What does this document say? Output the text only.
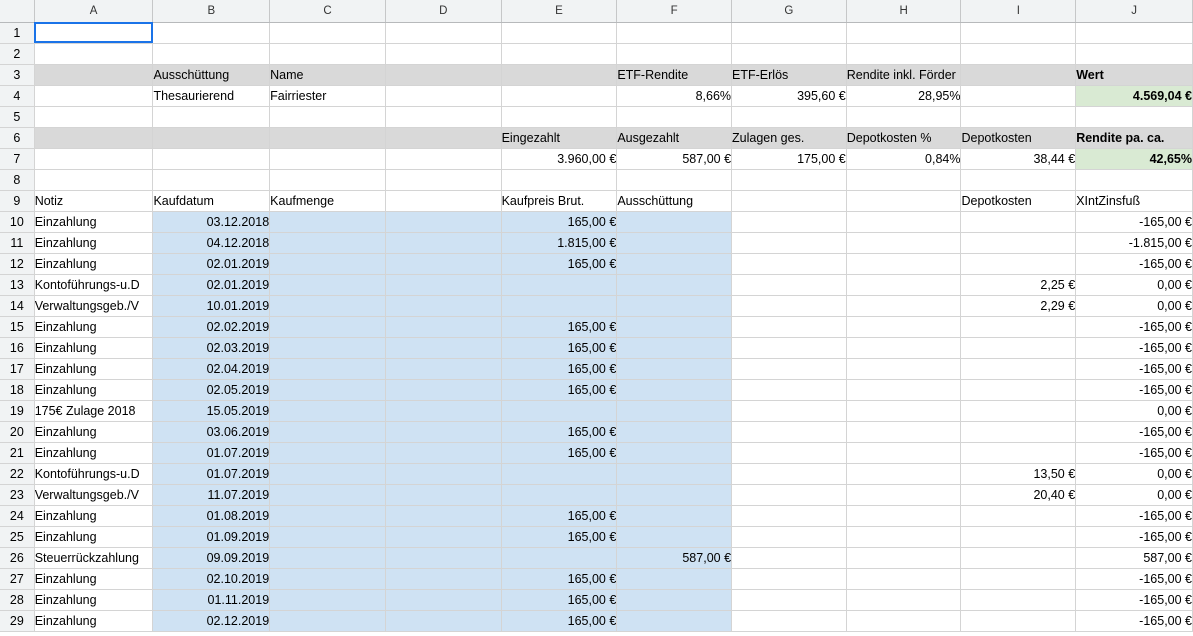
	A	B	C	D	E	F	G	H	I	J
1										
2										
3		Ausschüttung	Name			ETF-Rendite	ETF-Erlös	Rendite inkl. Förder		Wert
4		Thesaurierend	Fairriester			8,66%	395,60 €	28,95%		4.569,04 €
5										
6					Eingezahlt	Ausgezahlt	Zulagen ges.	Depotkosten %	Depotkosten	Rendite pa. ca.
7					3.960,00 €	587,00 €	175,00 €	0,84%	38,44 €	42,65%
8										
9	Notiz	Kaufdatum	Kaufmenge		Kaufpreis Brut.	Ausschüttung			Depotkosten	XIntZinsfuß
10	Einzahlung	03.12.2018			165,00 €					-165,00 €
11	Einzahlung	04.12.2018			1.815,00 €					-1.815,00 €
12	Einzahlung	02.01.2019			165,00 €					-165,00 €
13	Kontoführungs-u.D	02.01.2019							2,25 €	0,00 €
14	Verwaltungsgeb./V	10.01.2019							2,29 €	0,00 €
15	Einzahlung	02.02.2019			165,00 €					-165,00 €
16	Einzahlung	02.03.2019			165,00 €					-165,00 €
17	Einzahlung	02.04.2019			165,00 €					-165,00 €
18	Einzahlung	02.05.2019			165,00 €					-165,00 €
19	175€ Zulage 2018	15.05.2019								0,00 €
20	Einzahlung	03.06.2019			165,00 €					-165,00 €
21	Einzahlung	01.07.2019			165,00 €					-165,00 €
22	Kontoführungs-u.D	01.07.2019							13,50 €	0,00 €
23	Verwaltungsgeb./V	11.07.2019							20,40 €	0,00 €
24	Einzahlung	01.08.2019			165,00 €					-165,00 €
25	Einzahlung	01.09.2019			165,00 €					-165,00 €
26	Steuerrückzahlung	09.09.2019				587,00 €				587,00 €
27	Einzahlung	02.10.2019			165,00 €					-165,00 €
28	Einzahlung	01.11.2019			165,00 €					-165,00 €
29	Einzahlung	02.12.2019			165,00 €					-165,00 €
